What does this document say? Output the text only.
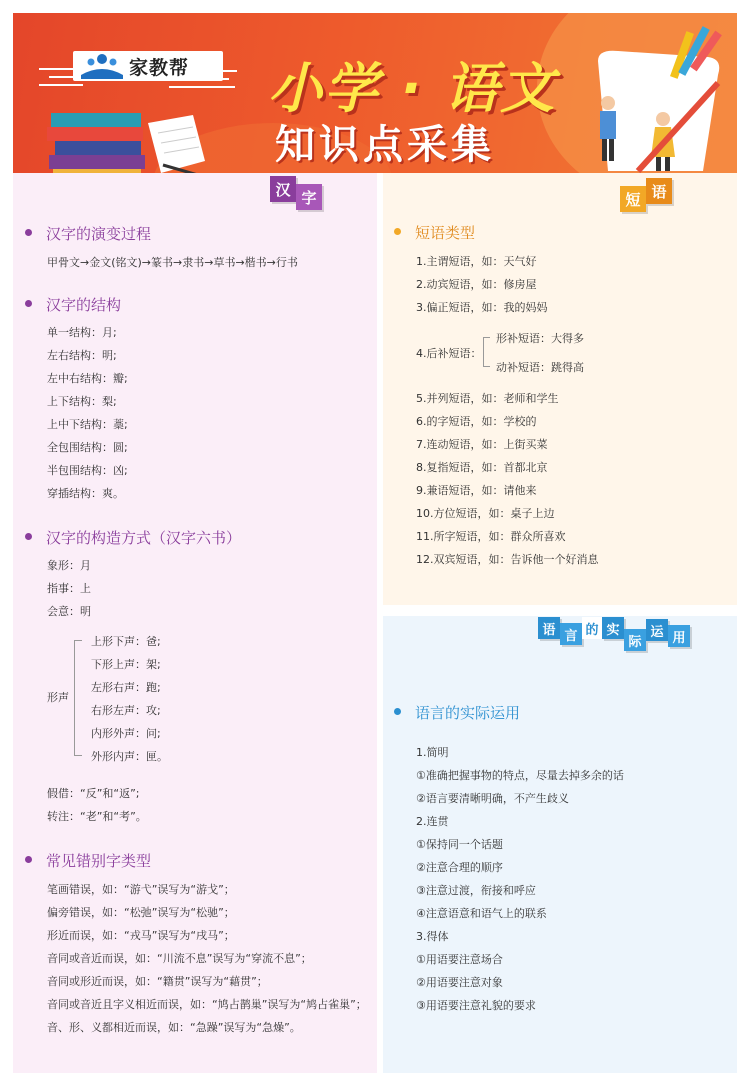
家教帮 小学 · 语文
知识点采集
汉 字
汉字的演变过程
甲骨文→金文(铭文)→篆书→隶书→草书→楷书→行书
汉字的结构
单一结构：月;
左右结构：明;
左中右结构：瓣;
上下结构：梨;
上中下结构：藁;
全包围结构：圆;
半包围结构：凶;
穿插结构：爽。
汉字的构造方式（汉字六书）
象形：月
指事：上
会意：明
形声
上形下声：爸;
下形上声：架;
左形右声：跑;
右形左声：攻;
内形外声：问;
外形内声：匣。
假借：“反”和“返”;
转注：“老”和“考”。
常见错别字类型
笔画错误，如：“游弋”误写为“游戈”；
偏旁错误，如：“松弛”误写为“松驰”；
形近而误，如：“戎马”误写为“戌马”；
音同或音近而误，如：“川流不息”误写为“穿流不息”；
音同或形近而误，如：“籍贯”误写为“藉贯”；
音同或音近且字义相近而误，如：“鸠占鹊巢”误写为“鸠占雀巢”；
音、形、义都相近而误，如：“急躁”误写为“急燥”。
短 语
短语类型
1.主谓短语，如：天气好
2.动宾短语，如：修房屋
3.偏正短语，如：我的妈妈
4.后补短语：
形补短语：大得多
动补短语：跳得高
5.并列短语，如：老师和学生
6.的字短语，如：学校的
7.连动短语，如：上街买菜
8.复指短语，如：首都北京
9.兼语短语，如：请他来
10.方位短语，如：桌子上边
11.所字短语，如：群众所喜欢
12.双宾短语，如：告诉他一个好消息
语 言 的 实
际
运 用
语言的实际运用
1.简明
①准确把握事物的特点，尽量去掉多余的话
②语言要清晰明确，不产生歧义
2.连贯
①保持同一个话题
②注意合理的顺序
③注意过渡，衔接和呼应
④注意语意和语气上的联系
3.得体
①用语要注意场合
②用语要注意对象
③用语要注意礼貌的要求
